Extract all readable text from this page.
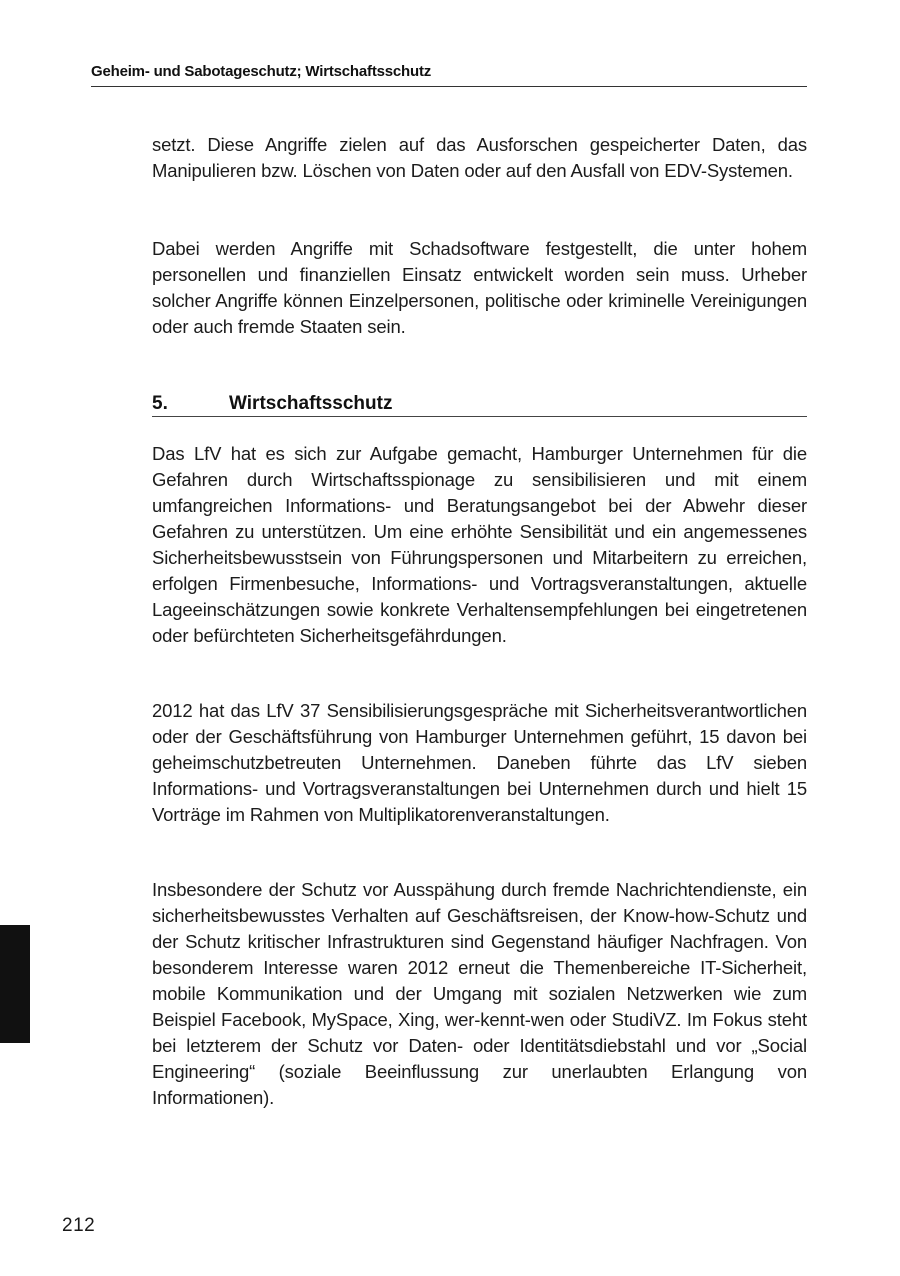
Geheim- und Sabotageschutz; Wirtschaftsschutz

setzt. Diese Angriffe zielen auf das Ausforschen gespeicherter Daten, das Manipulieren bzw. Löschen von Daten oder auf den Ausfall von EDV-Systemen.

Dabei werden Angriffe mit Schadsoftware festgestellt, die unter hohem personellen und finanziellen Einsatz entwickelt worden sein muss. Urheber solcher Angriffe können Einzelpersonen, politische oder kriminelle Vereinigungen oder auch fremde Staaten sein.

5.	Wirtschaftsschutz

Das LfV hat es sich zur Aufgabe gemacht, Hamburger Unternehmen für die Gefahren durch Wirtschaftsspionage zu sensibilisieren und mit einem umfangreichen Informations- und Beratungsangebot bei der Abwehr dieser Gefahren zu unterstützen. Um eine erhöhte Sensibilität und ein angemessenes Sicherheitsbewusstsein von Führungspersonen und Mitarbeitern zu erreichen, erfolgen Firmenbesuche, Informations- und Vortragsveranstaltungen, aktuelle Lageeinschätzungen sowie konkrete Verhaltensempfehlungen bei eingetretenen oder befürchteten Sicherheitsgefährdungen.

2012 hat das LfV 37 Sensibilisierungsgespräche mit Sicherheitsverantwortlichen oder der Geschäftsführung von Hamburger Unternehmen geführt, 15 davon bei geheimschutzbetreuten Unternehmen. Daneben führte das LfV sieben Informations- und Vortragsveranstaltungen bei Unternehmen durch und hielt 15 Vorträge im Rahmen von Multiplikatorenveranstaltungen.

Insbesondere der Schutz vor Ausspähung durch fremde Nachrichtendienste, ein sicherheitsbewusstes Verhalten auf Geschäftsreisen, der Know-how-Schutz und der Schutz kritischer Infrastrukturen sind Gegenstand häufiger Nachfragen. Von besonderem Interesse waren 2012 erneut die Themenbereiche IT-Sicherheit, mobile Kommunikation und der Umgang mit sozialen Netzwerken wie zum Beispiel Facebook, MySpace, Xing, wer-kennt-wen oder StudiVZ. Im Fokus steht bei letzterem der Schutz vor Daten- oder Identitätsdiebstahl und vor „Social Engineering“ (soziale Beeinflussung zur unerlaubten Erlangung von Informationen).

212
